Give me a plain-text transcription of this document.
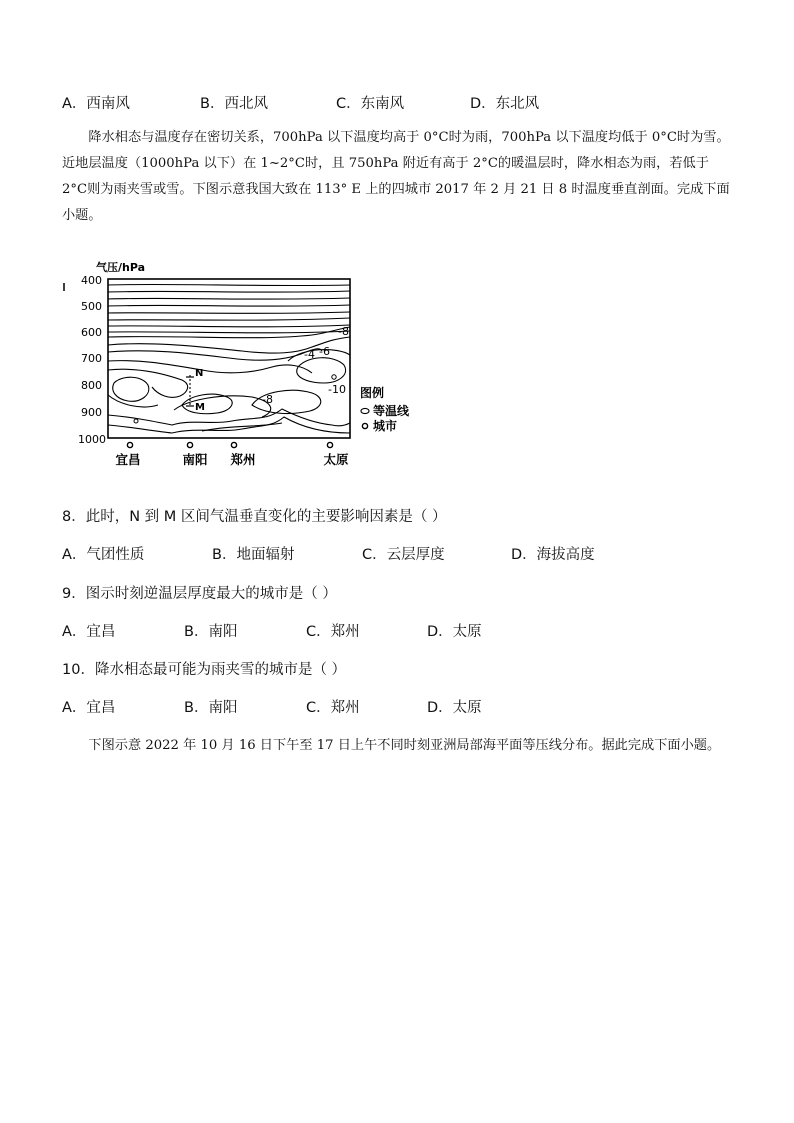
A．西南风	B．西北风	C．东南风	D．东北风
降水相态与温度存在密切关系，700hPa 以下温度均高于 0°C时为雨，700hPa 以下温度均低于 0°C时为雪。近地层温度（1000hPa 以下）在 1~2°C时，且 750hPa 附近有高于 2°C的暖温层时，降水相态为雨，若低于 2°C则为雨夹雪或雪。下图示意我国大致在 113° E 上的四城市 2017 年 2 月 21 日 8 时温度垂直剖面。完成下面小题。
气压/hPa
400
500
600
700
800
900
1000
N
M
-8
-4 -6
-10
-8
宜昌	南阳 郑州	太原
图例
等温线
城市
8．此时，N 到 M 区间气温垂直变化的主要影响因素是（ ）
A．气团性质	B．地面辐射	C．云层厚度	D．海拔高度
9．图示时刻逆温层厚度最大的城市是（ ）
A．宜昌	B．南阳	C．郑州	D．太原
10．降水相态最可能为雨夹雪的城市是（ ）
A．宜昌	B．南阳	C．郑州	D．太原
下图示意 2022 年 10 月 16 日下午至 17 日上午不同时刻亚洲局部海平面等压线分布。据此完成下面小题。
